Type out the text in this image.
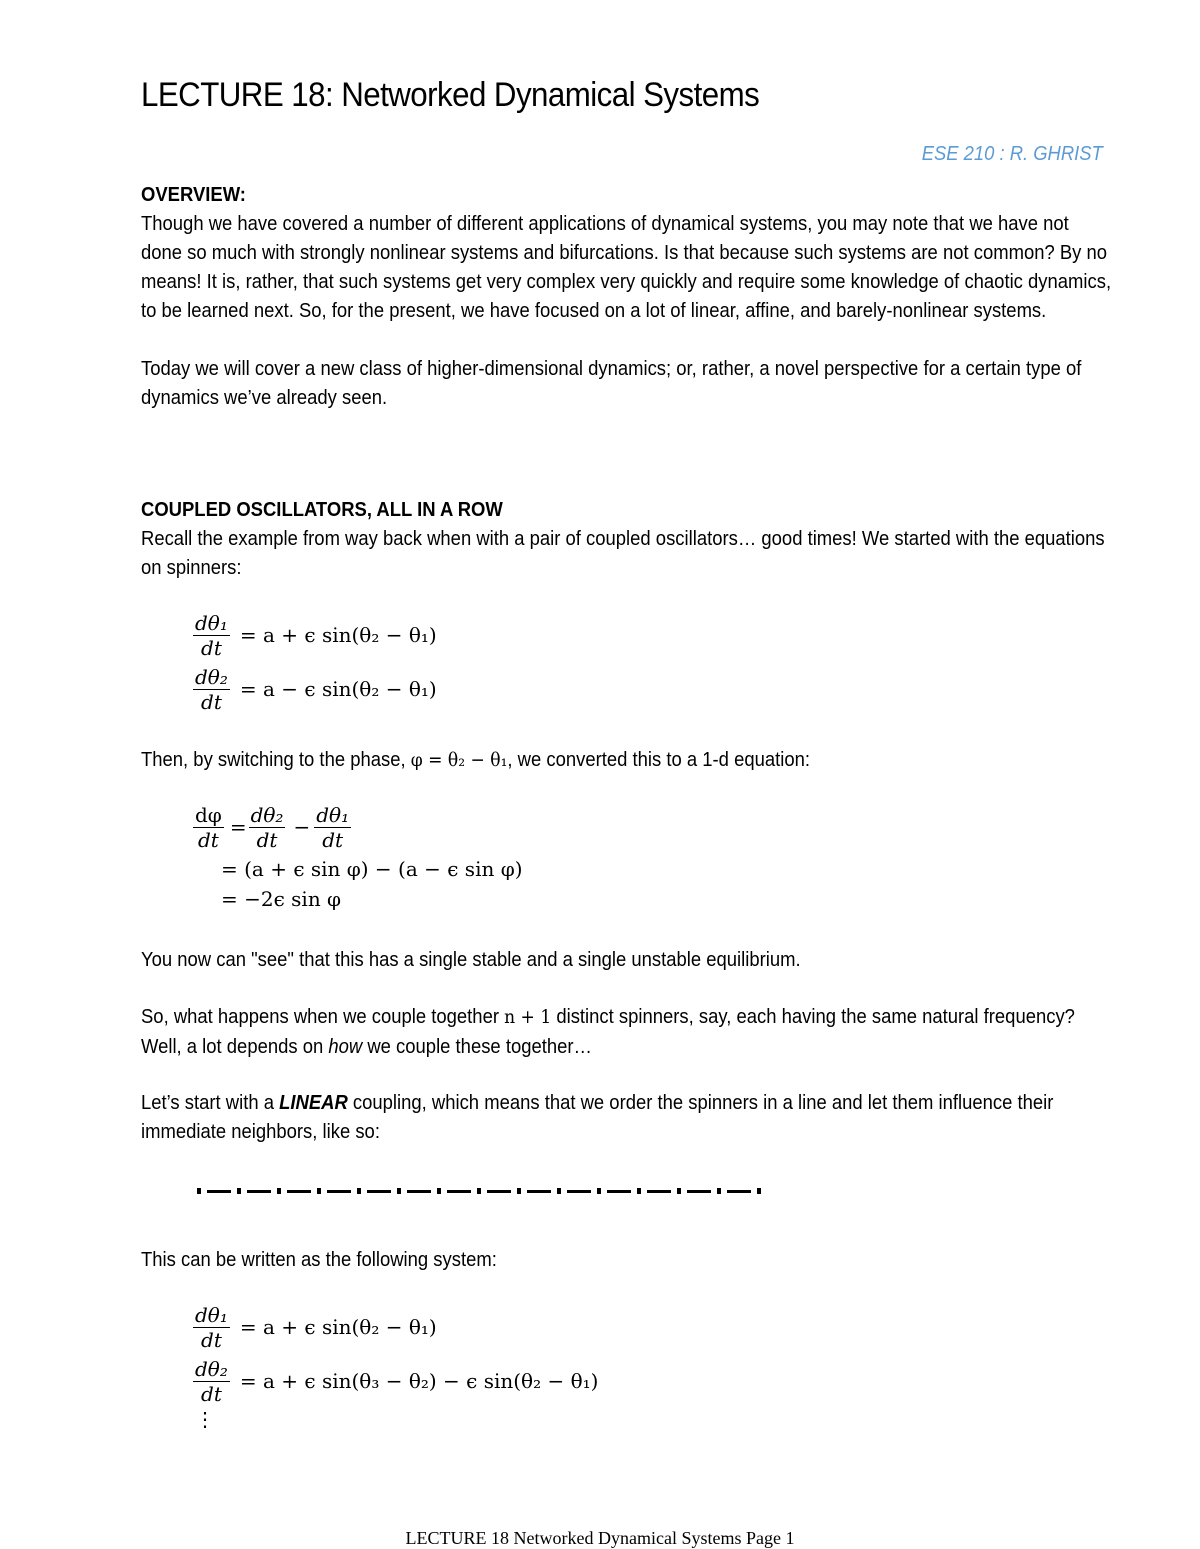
LECTURE 18: Networked Dynamical Systems
ESE 210 : R. GHRIST
OVERVIEW:
Though we have covered a number of different applications of dynamical systems, you may note that we have not done so much with strongly nonlinear systems and bifurcations. Is that because such systems are not common? By no means! It is, rather, that such systems get very complex very quickly and require some knowledge of chaotic dynamics, to be learned next. So, for the present, we have focused on a lot of linear, affine, and barely-nonlinear systems.
Today we will cover a new class of higher-dimensional dynamics; or, rather, a novel perspective for a certain type of dynamics we’ve already seen.
COUPLED OSCILLATORS, ALL IN A ROW
Recall the example from way back when with a pair of coupled oscillators… good times! We started with the equations on spinners:
$\frac{\text{dθ₁}}{dt} = a + \epsilon$ sin(θ₂ − θ₁)
$\frac{\text{dθ₂}}{dt} = a - \epsilon$ sin(θ₂ − θ₁)
Then, by switching to the phase, φ = θ₂ − θ₁, we converted this to a 1-d equation:
$\frac{d\varphi}{dt} = \frac{\text{dθ₂}}{dt} - \frac{\text{dθ₁}}{dt}$
= (a + ϵ sin φ) − (a − ϵ sin φ)
= −2ϵ sin φ
You now can "see" that this has a single stable and a single unstable equilibrium.
So, what happens when we couple together n + 1 distinct spinners, say, each having the same natural frequency? Well, a lot depends on how we couple these together…
Let’s start with a LINEAR coupling, which means that we order the spinners in a line and let them influence their immediate neighbors, like so:
This can be written as the following system:
$\frac{\text{dθ₁}}{dt} = a + \epsilon$ sin(θ₂ − θ₁)
$\frac{\text{dθ₂}}{dt} = a + \epsilon$ sin(θ₃ − θ₂) − ϵ sin(θ₂ − θ₁)
⋮
LECTURE 18 Networked Dynamical Systems Page 1
